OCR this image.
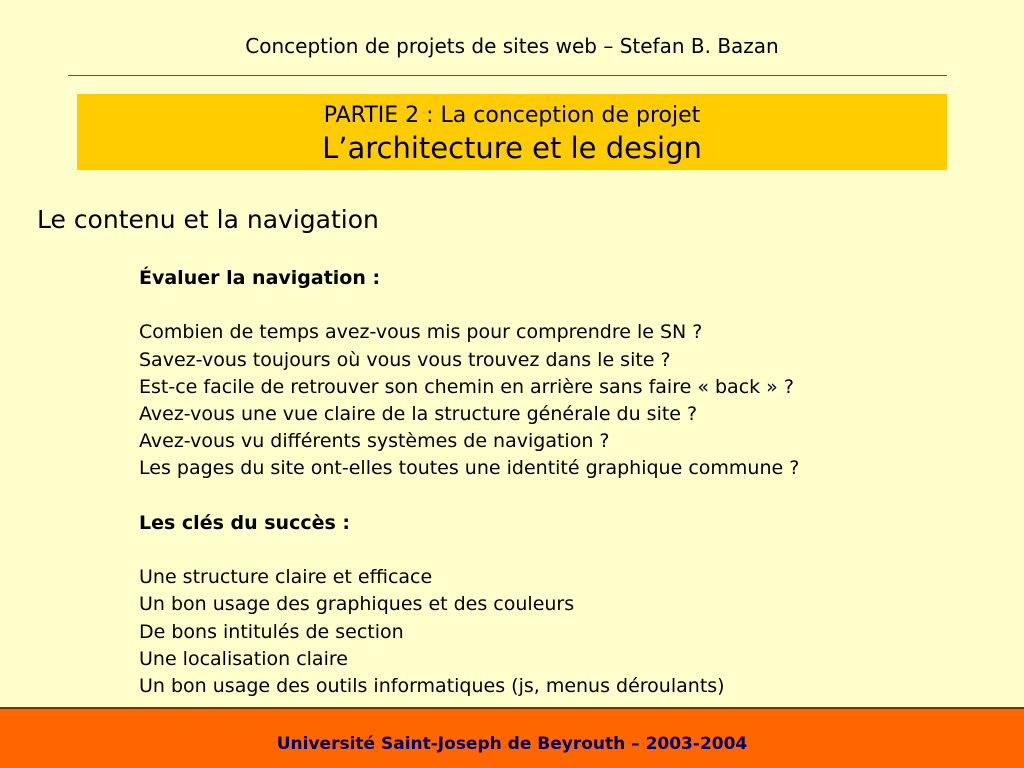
Conception de projets de sites web – Stefan B. Bazan
PARTIE 2 : La conception de projet
L’architecture et le design
Le contenu et la navigation
Évaluer la navigation :
Combien de temps avez-vous mis pour comprendre le SN ?
Savez-vous toujours où vous vous trouvez dans le site ?
Est-ce facile de retrouver son chemin en arrière sans faire « back » ?
Avez-vous une vue claire de la structure générale du site ?
Avez-vous vu différents systèmes de navigation ?
Les pages du site ont-elles toutes une identité graphique commune ?
Les clés du succès :
Une structure claire et efficace
Un bon usage des graphiques et des couleurs
De bons intitulés de section
Une localisation claire
Un bon usage des outils informatiques (js, menus déroulants)
Université Saint-Joseph de Beyrouth – 2003-2004
